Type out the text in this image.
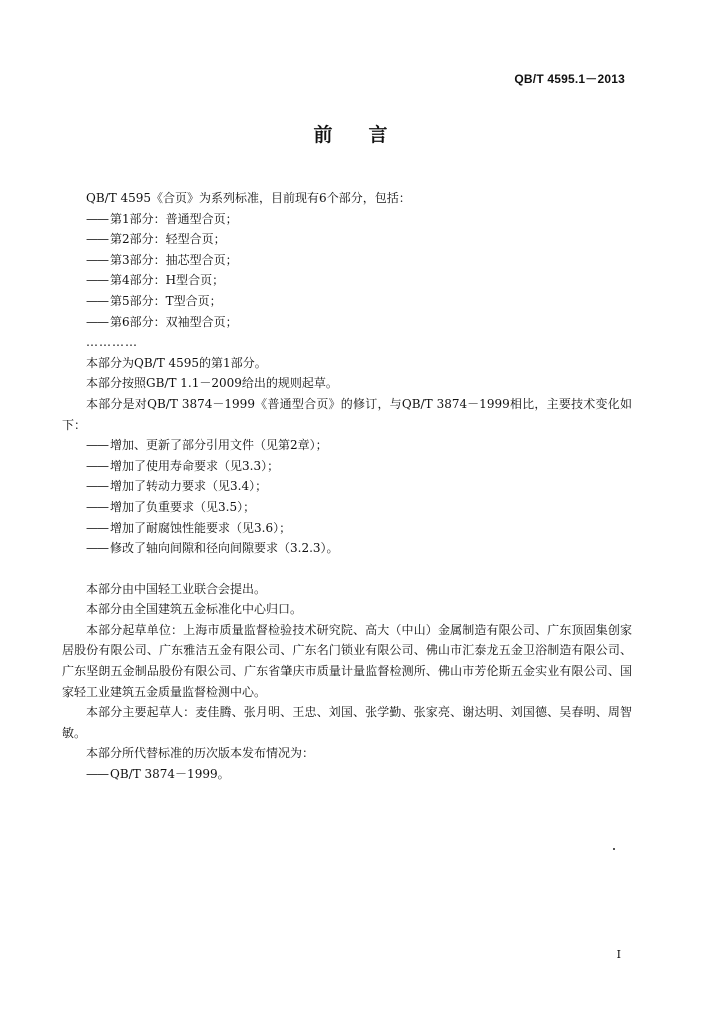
QB/T 4595.1－2013
前 言

QB/T 4595《合页》为系列标准，目前现有6个部分，包括：

—— 第1部分：普通型合页；

—— 第2部分：轻型合页；

—— 第3部分：抽芯型合页；

—— 第4部分：H型合页；

—— 第5部分：T型合页；

—— 第6部分：双袖型合页；

…………

本部分为QB/T 4595的第1部分。

本部分按照GB/T 1.1－2009给出的规则起草。

本部分是对QB/T 3874－1999《普通型合页》的修订，与QB/T 3874－1999相比，主要技术变化如下：

—— 增加、更新了部分引用文件（见第2章）；

—— 增加了使用寿命要求（见3.3）；

—— 增加了转动力要求（见3.4）；

—— 增加了负重要求（见3.5）；

—— 增加了耐腐蚀性能要求（见3.6）；

—— 修改了轴向间隙和径向间隙要求（3.2.3）。

本部分由中国轻工业联合会提出。

本部分由全国建筑五金标准化中心归口。

本部分起草单位：上海市质量监督检验技术研究院、高大（中山）金属制造有限公司、广东顶固集创家居股份有限公司、广东雅洁五金有限公司、广东名门锁业有限公司、佛山市汇泰龙五金卫浴制造有限公司、广东坚朗五金制品股份有限公司、广东省肇庆市质量计量监督检测所、佛山市芳伦斯五金实业有限公司、国家轻工业建筑五金质量监督检测中心。

本部分主要起草人：麦佳腾、张月明、王忠、刘国、张学勤、张家亮、谢达明、刘国德、吴春明、周智敏。

本部分所代替标准的历次版本发布情况为：

—— QB/T 3874－1999。

I
